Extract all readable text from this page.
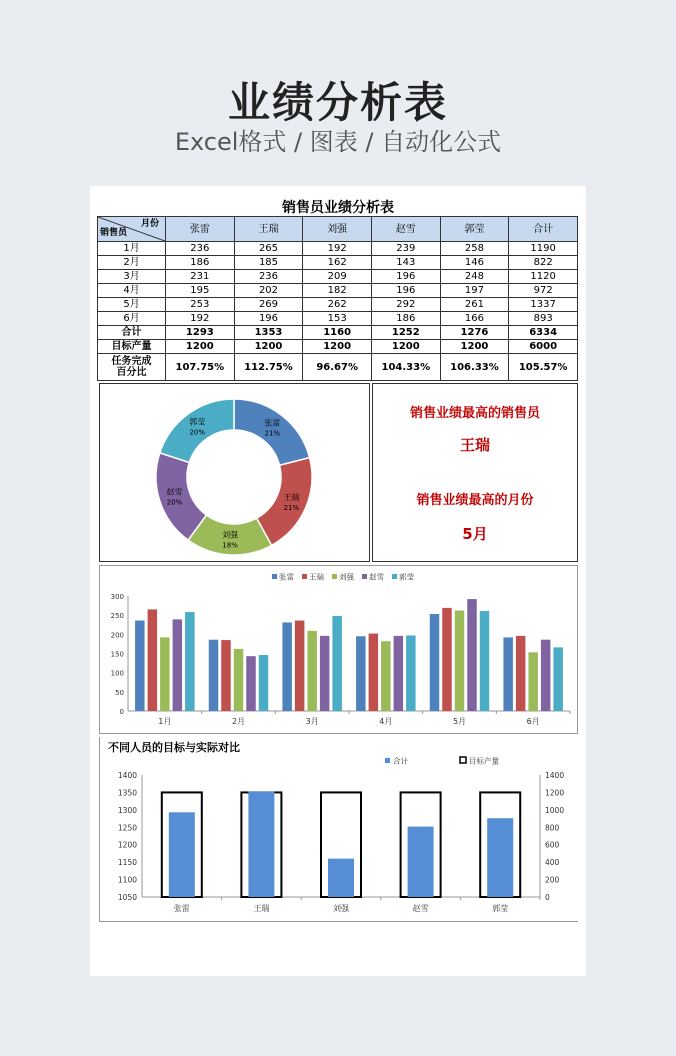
业绩分析表
Excel格式 / 图表 / 自动化公式
销售员业绩分析表
月份
销售员	张雷	王瑞	刘强	赵雪	郭莹	合计
1月	236	265	192	239	258	1190
2月	186	185	162	143	146	822
3月	231	236	209	196	248	1120
4月	195	202	182	196	197	972
5月	253	269	262	292	261	1337
6月	192	196	153	186	166	893
合计	1293	1353	1160	1252	1276	6334
目标产量	1200	1200	1200	1200	1200	6000

任务完成
百分比	107.75%	112.75%	96.67%	104.33%	106.33%	105.57%
张雷
21%
王瑞
21%
刘强
18%
赵雪
20%
郭莹
20%
销售业绩最高的销售员
王瑞
销售业绩最高的月份
5月
0
50
100
150
200
250
300
1月	2月	3月	4月	5月	6月
张雷 王瑞 刘强 赵雪 郭莹
不同人员的目标与实际对比
1050
1100
1150
1200
1250
1300
1350
1400
0
200
400
600
800
1000
1200
1400
张雷	王瑞	刘强	赵雪	郭莹
合计	目标产量
